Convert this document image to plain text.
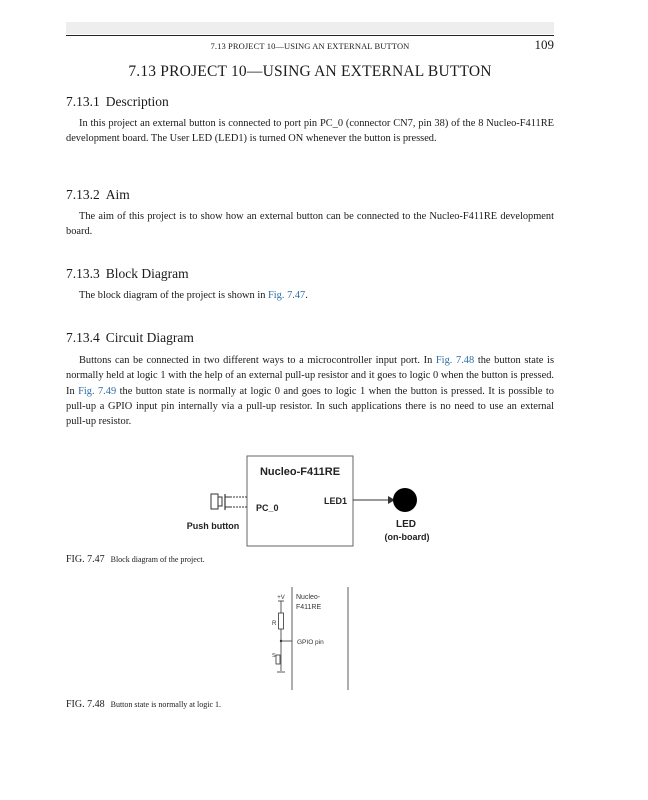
7.13 PROJECT 10—USING AN EXTERNAL BUTTON	109
7.13 PROJECT 10—USING AN EXTERNAL BUTTON
7.13.1 Description
In this project an external button is connected to port pin PC_0 (connector CN7, pin 38) of the 8 Nucleo-F411RE development board. The User LED (LED1) is turned ON whenever the button is pressed.
7.13.2 Aim
The aim of this project is to show how an external button can be connected to the Nucleo-F411RE development board.
7.13.3 Block Diagram
The block diagram of the project is shown in Fig. 7.47.
7.13.4 Circuit Diagram
Buttons can be connected in two different ways to a microcontroller input port. In Fig. 7.48 the button state is normally held at logic 1 with the help of an external pull-up resistor and it goes to logic 0 when the button is pressed. In Fig. 7.49 the button state is normally at logic 0 and goes to logic 1 when the button is pressed. It is possible to pull-up a GPIO input pin internally via a pull-up resistor. In such applications there is no need to use an external pull-up resistor.
Nucleo-F411RE
PC_0
LED1
Push button	LED
(on-board)
FIG. 7.47 Block diagram of the project.
Nucleo-
F411RE
+V
R
GPIO pin
S
FIG. 7.48 Button state is normally at logic 1.
